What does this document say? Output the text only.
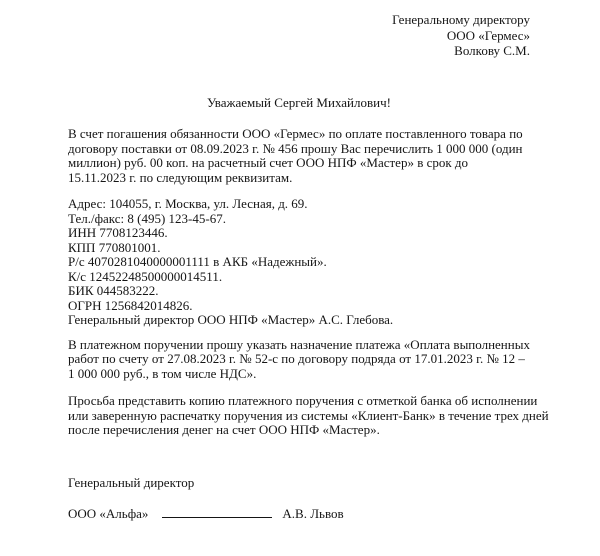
Генеральному директору
ООО «Гермес»
Волкову С.М.
Уважаемый Сергей Михайлович!
В счет погашения обязанности ООО «Гермес» по оплате поставленного товара по
договору поставки от 08.09.2023 г. № 456 прошу Вас перечислить 1 000 000 (один
миллион) руб. 00 коп. на расчетный счет ООО НПФ «Мастер» в срок до
15.11.2023 г. по следующим реквизитам.
Адрес: 104055, г. Москва, ул. Лесная, д. 69.
Тел./факс: 8 (495) 123-45-67.
ИНН 7708123446.
КПП 770801001.
Р/с 4070281040000001111 в АКБ «Надежный».
К/с 12452248500000014511.
БИК 044583222.
ОГРН 1256842014826.
Генеральный директор ООО НПФ «Мастер» А.С. Глебова.
В платежном поручении прошу указать назначение платежа «Оплата выполненных
работ по счету от 27.08.2023 г. № 52-с по договору подряда от 17.01.2023 г. № 12 –
1 000 000 руб., в том числе НДС».
Просьба представить копию платежного поручения с отметкой банка об исполнении
или заверенную распечатку поручения из системы «Клиент-Банк» в течение трех дней
после перечисления денег на счет ООО НПФ «Мастер».
Генеральный директор
ООО «Альфа»	А.В. Львов
